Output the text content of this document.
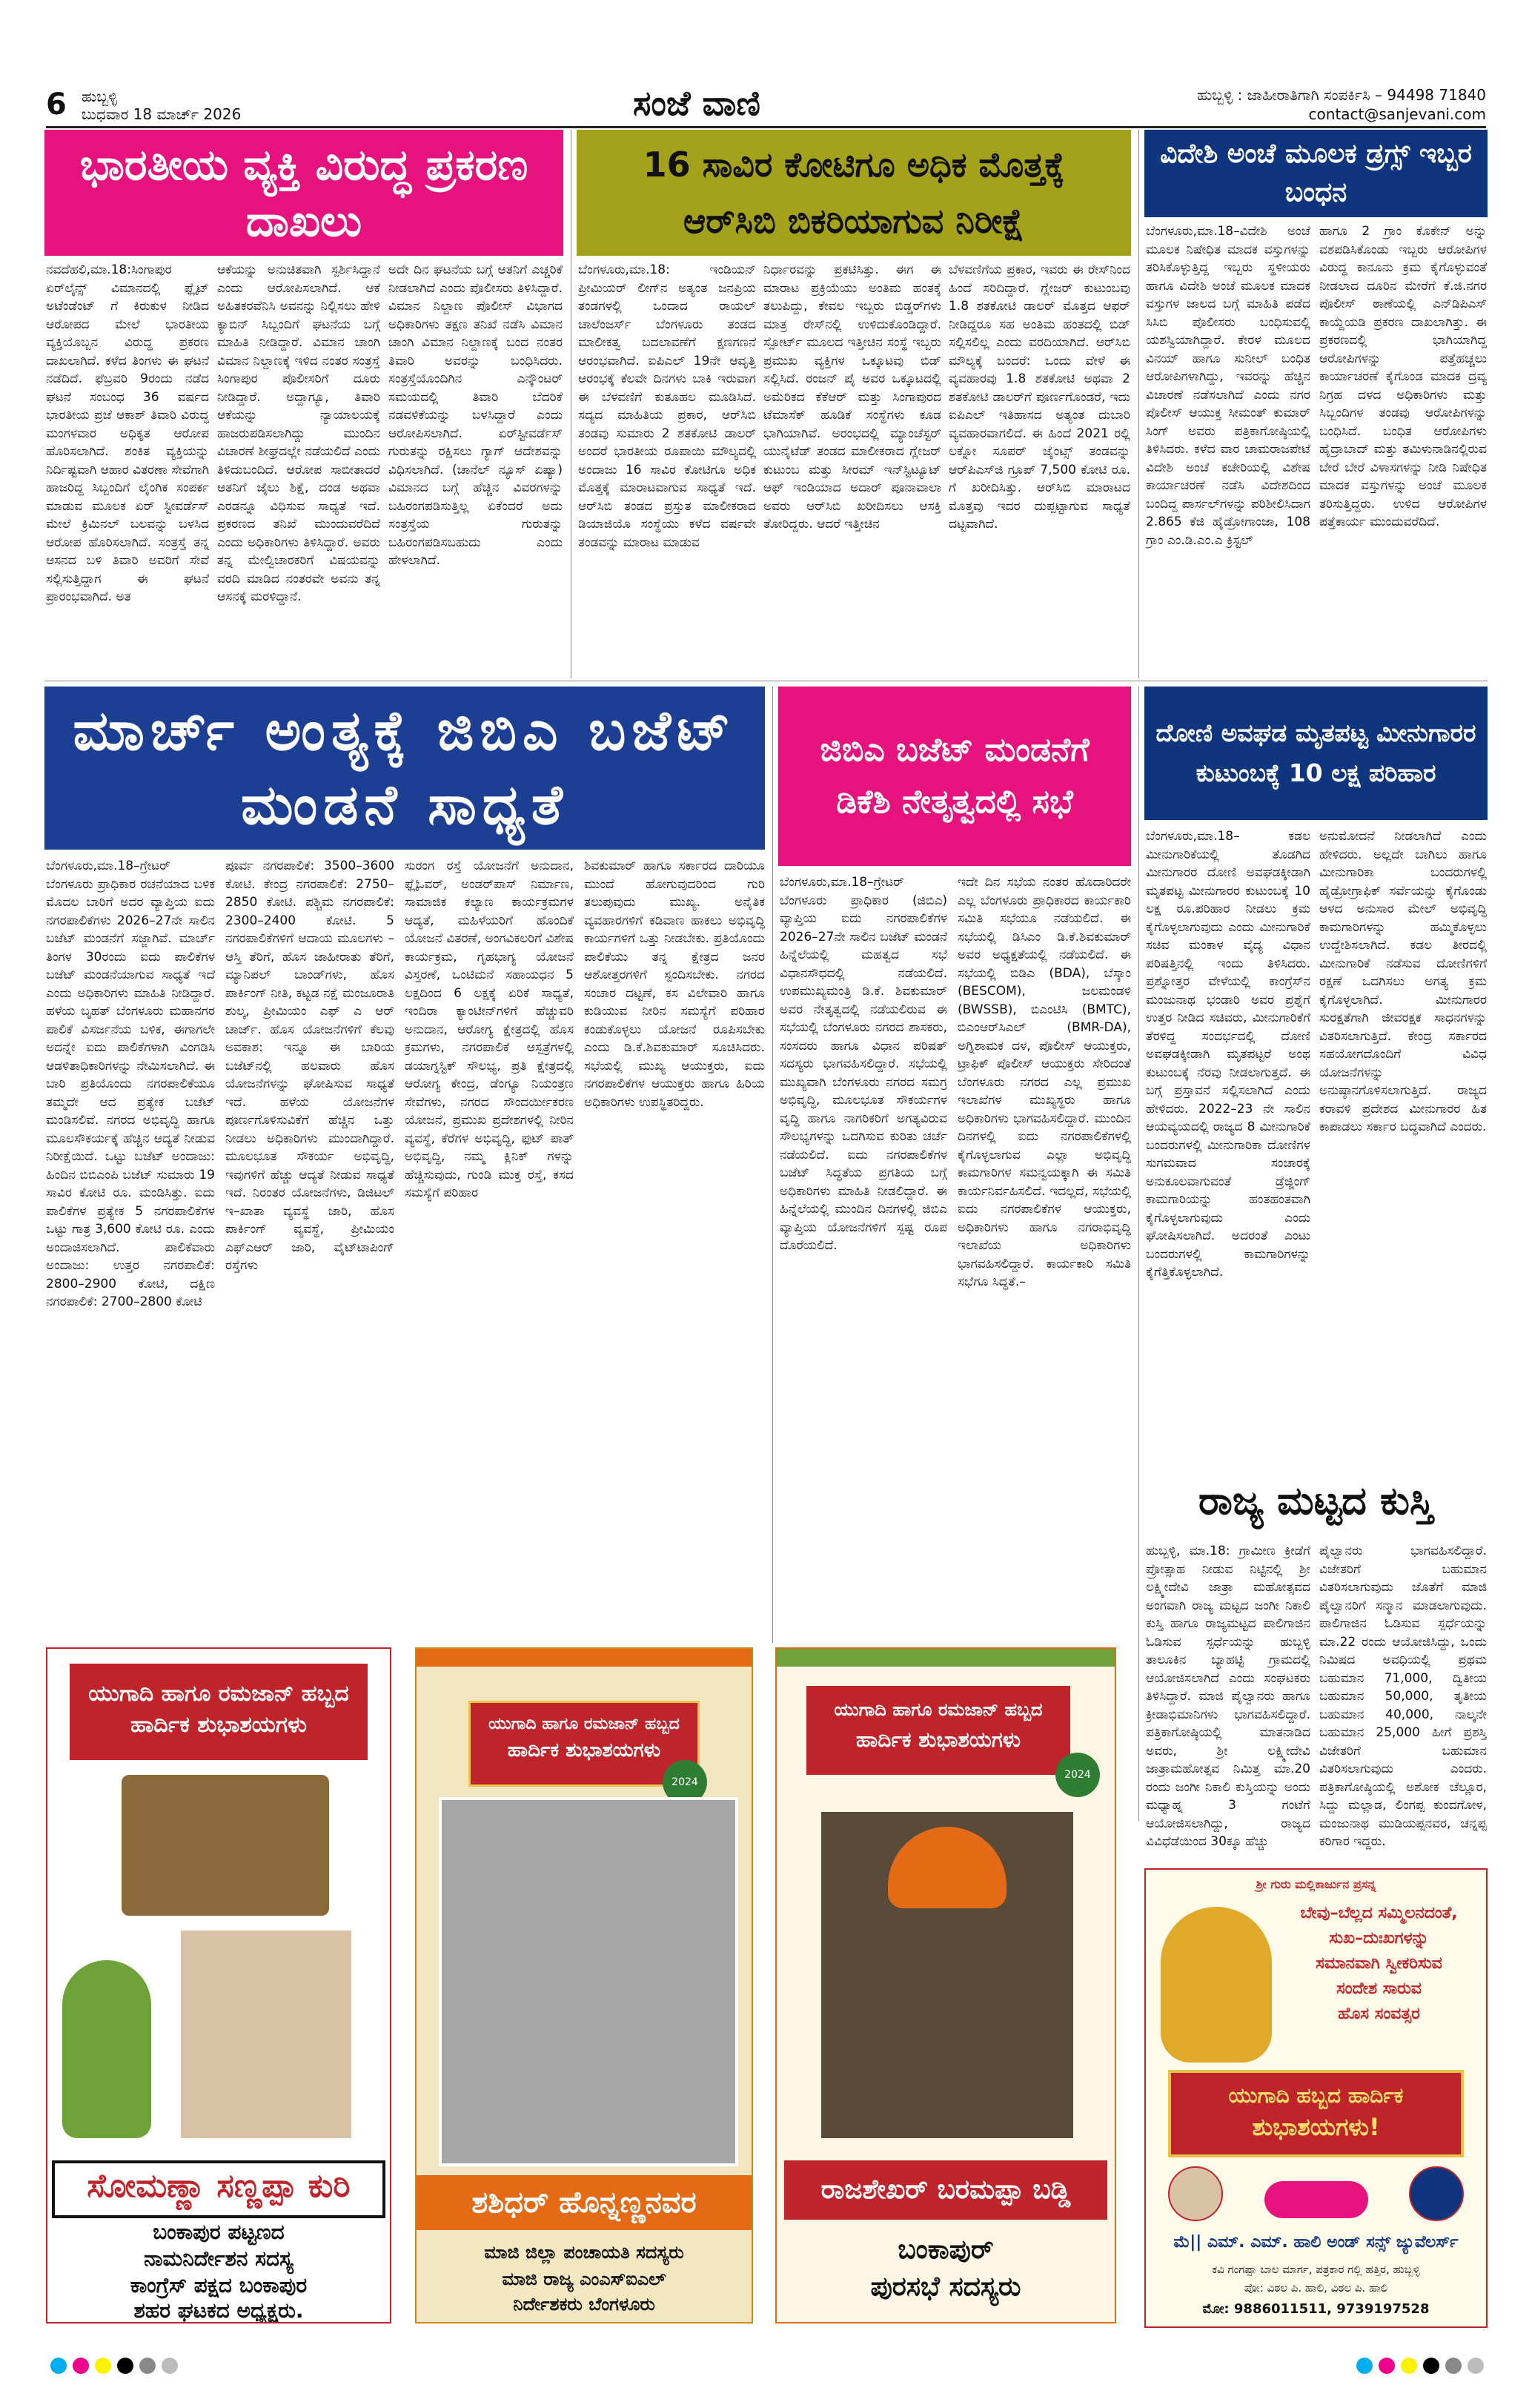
6 ಹುಬ್ಬಳ್ಳಿ
ಬುಧವಾರ 18 ಮಾರ್ಚ್ 2026	ಸಂಜೆ ವಾಣಿ	ಹುಬ್ಬಳ್ಳಿ : ಜಾಹೀರಾತಿಗಾಗಿ ಸಂಪರ್ಕಿಸಿ – 94498 71840
contact@sanjevani.com
ಭಾರತೀಯ ವ್ಯಕ್ತಿ ವಿರುದ್ಧ ಪ್ರಕರಣ ದಾಖಲು
ನವದೆಹಲಿ,ಮಾ.18:ಸಿಂಗಾಪುರ ಏರ್‌ಲೈನ್ಸ್ ವಿಮಾನದಲ್ಲಿ ಫ್ಲೈಟ್ ಅಟೆಂಡೆಂಟ್ ಗೆ ಕಿರುಕುಳ ನೀಡಿದ ಆರೋಪದ ಮೇಲೆ ಭಾರತೀಯ ವ್ಯಕ್ತಿಯೊಬ್ಬನ ವಿರುದ್ಧ ಪ್ರಕರಣ ದಾಖಲಾಗಿದೆ. ಕಳೆದ ತಿಂಗಳು ಈ ಘಟನೆ ನಡೆದಿದೆ. ಫೆಬ್ರವರಿ 9ರಂದು ನಡೆದ ಘಟನೆ ಸಂಬಂಧ 36 ವರ್ಷದ ಭಾರತೀಯ ಪ್ರಜೆ ಆಕಾಶ್ ತಿವಾರಿ ವಿರುದ್ಧ ಮಂಗಳವಾರ ಅಧಿಕೃತ ಆರೋಪ ಹೊರಿಸಲಾಗಿದೆ. ಶಂಕಿತ ವ್ಯಕ್ತಿಯನ್ನು ನಿರ್ದಿಷ್ಟವಾಗಿ ಆಹಾರ ವಿತರಣಾ ಸೇವೆಗಾಗಿ ಹಾಜರಿದ್ದ ಸಿಬ್ಬಂದಿಗೆ ಲೈಂಗಿಕ ಸಂಪರ್ಕ ಮಾಡುವ ಮೂಲಕ ಏರ್ ಸ್ಟೀವರ್ಡೆಸ್ ಮೇಲೆ ಕ್ರಿಮಿನಲ್ ಬಲವನ್ನು ಬಳಸಿದ ಆರೋಪ ಹೊರಿಸಲಾಗಿದೆ. ಸಂತ್ರಸ್ತೆ ತನ್ನ ಆಸನದ ಬಳಿ ತಿವಾರಿ ಅವರಿಗೆ ಸೇವೆ ಸಲ್ಲಿಸುತ್ತಿದ್ದಾಗ ಈ ಘಟನೆ ಪ್ರಾರಂಭವಾಗಿದೆ. ಅತ
ಆಕೆಯನ್ನು ಅನುಚಿತವಾಗಿ ಸ್ಪರ್ಶಿಸಿದ್ದಾನೆ ಎಂದು ಆರೋಪಿಸಲಾಗಿದೆ. ಆಕೆ ಅಹಿತಕರವೆನಿಸಿ ಅವನನ್ನು ನಿಲ್ಲಿಸಲು ಹೇಳಿ ಕ್ಯಾಬಿನ್ ಸಿಬ್ಬಂದಿಗೆ ಘಟನೆಯ ಬಗ್ಗೆ ಮಾಹಿತಿ ನೀಡಿದ್ದಾರೆ. ವಿಮಾನ ಚಾಂಗಿ ವಿಮಾನ ನಿಲ್ದಾಣಕ್ಕೆ ಇಳಿದ ನಂತರ ಸಂತ್ರಸ್ತೆ ಸಿಂಗಾಪುರ ಪೊಲೀಸರಿಗೆ ದೂರು ನೀಡಿದ್ದಾರೆ. ಅದ್ದಾಗ್ಯೂ, ತಿವಾರಿ ಆಕೆಯನ್ನು ನ್ಯಾಯಾಲಯಕ್ಕೆ ಹಾಜರುಪಡಿಸಲಾಗಿದ್ದು ಮುಂದಿನ ವಿಚಾರಣೆ ಶೀಘ್ರದಲ್ಲೇ ನಡೆಯಲಿದೆ ಎಂದು ತಿಳಿದುಬಂದಿದೆ. ಆರೋಪ ಸಾಬೀತಾದರೆ ಆತನಿಗೆ ಜೈಲು ಶಿಕ್ಷೆ, ದಂಡ ಅಥವಾ ಎರಡನ್ನೂ ವಿಧಿಸುವ ಸಾಧ್ಯತೆ ಇದೆ. ಪ್ರಕರಣದ ತನಿಖೆ ಮುಂದುವರೆದಿದೆ ಎಂದು ಅಧಿಕಾರಿಗಳು ತಿಳಿಸಿದ್ದಾರೆ. ಅವರು ತನ್ನ ಮೇಲ್ವಿಚಾರಕರಿಗೆ ವಿಷಯವನ್ನು ವರದಿ ಮಾಡಿದ ನಂತರವೇ ಅವನು ತನ್ನ ಆಸನಕ್ಕೆ ಮರಳಿದ್ದಾನೆ.
ಅದೇ ದಿನ ಘಟನೆಯ ಬಗ್ಗೆ ಆತನಿಗೆ ಎಚ್ಚರಿಕೆ ನೀಡಲಾಗಿದೆ ಎಂದು ಪೊಲೀಸರು ತಿಳಿಸಿದ್ದಾರೆ. ವಿಮಾನ ನಿಲ್ದಾಣ ಪೊಲೀಸ್ ವಿಭಾಗದ ಅಧಿಕಾರಿಗಳು ತಕ್ಷಣ ತನಿಖೆ ನಡೆಸಿ ವಿಮಾನ ಚಾಂಗಿ ವಿಮಾನ ನಿಲ್ದಾಣಕ್ಕೆ ಬಂದ ನಂತರ ತಿವಾರಿ ಅವರನ್ನು ಬಂಧಿಸಿದರು. ಸಂತ್ರಸ್ತೆಯೊಂದಿಗಿನ ಎನ್ಕೌಂಟರ್ ಸಮಯದಲ್ಲಿ ತಿವಾರಿ ಬೆದರಿಕೆ ನಡವಳಿಕೆಯನ್ನು ಬಳಸಿದ್ದಾರೆ ಎಂದು ಆರೋಪಿಸಲಾಗಿದೆ. ಏರ್‌ಸ್ಟೀವರ್ಡೆಸ್ ಗುರುತನ್ನು ರಕ್ಷಿಸಲು ಗ್ಯಾಗ್ ಆದೇಶವನ್ನು ವಿಧಿಸಲಾಗಿದೆ. (ಚಾನೆಲ್ ನ್ಯೂಸ್ ಏಷ್ಯಾ) ವಿಮಾನದ ಬಗ್ಗೆ ಹೆಚ್ಚಿನ ವಿವರಗಳನ್ನು ಬಹಿರಂಗಪಡಿಸುತ್ತಿಲ್ಲ ಏಕೆಂದರೆ ಅದು ಸಂತ್ರಸ್ತೆಯ ಗುರುತನ್ನು ಬಹಿರಂಗಪಡಿಸಬಹುದು ಎಂದು ಹೇಳಲಾಗಿದೆ.
16 ಸಾವಿರ ಕೋಟಿಗೂ ಅಧಿಕ ಮೊತ್ತಕ್ಕೆ ಆರ್‌ಸಿಬಿ ಬಿಕರಿಯಾಗುವ ನಿರೀಕ್ಷೆ
ಬೆಂಗಳೂರು,ಮಾ.18: ಇಂಡಿಯನ್ ಪ್ರೀಮಿಯರ್ ಲೀಗ್‌ನ ಅತ್ಯಂತ ಜನಪ್ರಿಯ ತಂಡಗಳಲ್ಲಿ ಒಂದಾದ ರಾಯಲ್ ಚಾಲೆಂಜರ್ಸ್ ಬೆಂಗಳೂರು ತಂಡದ ಮಾಲೀಕತ್ವ ಬದಲಾವಣೆಗೆ ಕ್ಷಣಗಣನೆ ಆರಂಭವಾಗಿದೆ. ಐಪಿಎಲ್ 19ನೇ ಆವೃತ್ತಿ ಆರಂಭಕ್ಕೆ ಕೆಲವೇ ದಿನಗಳು ಬಾಕಿ ಇರುವಾಗ ಈ ಬೆಳವಣಿಗೆ ಕುತೂಹಲ ಮೂಡಿಸಿದೆ. ಸದ್ಯದ ಮಾಹಿತಿಯ ಪ್ರಕಾರ, ಆರ್‌ಸಿಬಿ ತಂಡವು ಸುಮಾರು 2 ಶತಕೋಟಿ ಡಾಲರ್ ಅಂದರೆ ಭಾರತೀಯ ರೂಪಾಯಿ ಮೌಲ್ಯದಲ್ಲಿ ಅಂದಾಜು 16 ಸಾವಿರ ಕೋಟಿಗೂ ಅಧಿಕ ಮೊತ್ತಕ್ಕೆ ಮಾರಾಟವಾಗುವ ಸಾಧ್ಯತೆ ಇದೆ. ಆರ್‌ಸಿಬಿ ತಂಡದ ಪ್ರಸ್ತುತ ಮಾಲೀಕರಾದ ಡಿಯಾಜಿಯೊ ಸಂಸ್ಥೆಯು ಕಳೆದ ವರ್ಷವೇ ತಂಡವನ್ನು ಮಾರಾಟ ಮಾಡುವ
ನಿರ್ಧಾರವನ್ನು ಪ್ರಕಟಿಸಿತ್ತು. ಈಗ ಈ ಮಾರಾಟ ಪ್ರಕ್ರಿಯೆಯು ಅಂತಿಮ ಹಂತಕ್ಕೆ ತಲುಪಿದ್ದು, ಕೇವಲ ಇಬ್ಬರು ಬಿಡ್ಡರ್‌ಗಳು ಮಾತ್ರ ರೇಸ್‌ನಲ್ಲಿ ಉಳಿದುಕೊಂಡಿದ್ದಾರೆ. ಸ್ಪೋರ್ಟ್ ಮೂಲದ ಇತ್ತೀಚಿನ ಸಂಸ್ಥೆ ಇಬ್ಬರು ಪ್ರಮುಖ ವ್ಯಕ್ತಿಗಳ ಒಕ್ಕೂಟವು ಬಿಡ್ ಸಲ್ಲಿಸಿದೆ. ರಂಜನ್ ಪೈ ಅವರ ಒಕ್ಕೂಟದಲ್ಲಿ ಅಮೆರಿಕದ ಕೆಕೆಆರ್ ಮತ್ತು ಸಿಂಗಾಪುರದ ಟೆಮಾಸೆಕ್ ಹೂಡಿಕೆ ಸಂಸ್ಥೆಗಳು ಕೂಡ ಭಾಗಿಯಾಗಿವೆ. ಅರಂಭದಲ್ಲಿ ಮ್ಯಾಂಚೆಸ್ಟರ್ ಯುನೈಟೆಡ್ ತಂಡದ ಮಾಲೀಕರಾದ ಗ್ಲೇಜರ್ ಕುಟುಂಬ ಮತ್ತು ಸೀರಮ್ ಇನ್‌ಸ್ಟಿಟ್ಯೂಟ್ ಆಫ್ ಇಂಡಿಯಾದ ಅದಾರ್ ಪೂನಾವಾಲಾ ಅವರು ಆರ್‌ಸಿಬಿ ಖರೀದಿಸಲು ಆಸಕ್ತಿ ತೋರಿದ್ದರು. ಆದರೆ ಇತ್ತೀಚಿನ
ಬೆಳವಣಿಗೆಯ ಪ್ರಕಾರ, ಇವರು ಈ ರೇಸ್‌ನಿಂದ ಹಿಂದೆ ಸರಿದಿದ್ದಾರೆ. ಗ್ಲೇಜರ್ ಕುಟುಂಬವು 1.8 ಶತಕೋಟಿ ಡಾಲರ್ ಮೊತ್ತದ ಆಫರ್ ನೀಡಿದ್ದರೂ ಸಹ ಅಂತಿಮ ಹಂತದಲ್ಲಿ ಬಿಡ್ ಸಲ್ಲಿಸಲಿಲ್ಲ ಎಂದು ವರದಿಯಾಗಿದೆ. ಆರ್‌ಸಿಬಿ ಮೌಲ್ಯಕ್ಕೆ ಬಂದರೆ: ಒಂದು ವೇಳೆ ಈ ವ್ಯವಹಾರವು 1.8 ಶತಕೋಟಿ ಅಥವಾ 2 ಶತಕೋಟಿ ಡಾಲರ್‌ಗೆ ಪೂರ್ಣಗೊಂಡರೆ, ಇದು ಐಪಿಎಲ್ ಇತಿಹಾಸದ ಅತ್ಯಂತ ದುಬಾರಿ ವ್ಯವಹಾರವಾಗಲಿದೆ. ಈ ಹಿಂದೆ 2021 ರಲ್ಲಿ ಲಕ್ನೋ ಸೂಪರ್ ಜೈಂಟ್ಸ್ ತಂಡವನ್ನು ಆರ್‌ಪಿಎಸ್‌ಜಿ ಗ್ರೂಪ್ 7,500 ಕೋಟಿ ರೂ. ಗೆ ಖರೀದಿಸಿತ್ತು. ಆರ್‌ಸಿಬಿ ಮಾರಾಟದ ಮೊತ್ತವು ಇದರ ದುಪ್ಪಟ್ಟಾಗುವ ಸಾಧ್ಯತೆ ದಟ್ಟವಾಗಿದೆ.
ವಿದೇಶಿ ಅಂಚೆ ಮೂಲಕ ಡ್ರಗ್ಸ್ ಇಬ್ಬರ ಬಂಧನ
ಬೆಂಗಳೂರು,ಮಾ.18–ವಿದೇಶಿ ಅಂಚೆ ಮೂಲಕ ನಿಷೇಧಿತ ಮಾದಕ ವಸ್ತುಗಳನ್ನು ತರಿಸಿಕೊಳ್ಳುತ್ತಿದ್ದ ಇಬ್ಬರು ಸ್ಥಳೀಯರು ಹಾಗೂ ವಿದೇಶಿ ಅಂಚೆ ಮೂಲಕ ಮಾದಕ ವಸ್ತುಗಳ ಜಾಲದ ಬಗ್ಗೆ ಮಾಹಿತಿ ಪಡೆದ ಸಿಸಿಬಿ ಪೊಲೀಸರು ಬಂಧಿಸುವಲ್ಲಿ ಯಶಸ್ವಿಯಾಗಿದ್ದಾರೆ. ಕೇರಳ ಮೂಲದ ವಿನಯ್ ಹಾಗೂ ಸುನೀಲ್ ಬಂಧಿತ ಆರೋಪಿಗಳಾಗಿದ್ದು, ಇವರನ್ನು ಹೆಚ್ಚಿನ ವಿಚಾರಣೆ ನಡೆಸಲಾಗಿದೆ ಎಂದು ನಗರ ಪೊಲೀಸ್ ಆಯುಕ್ತ ಸೀಮಂತ್ ಕುಮಾರ್ ಸಿಂಗ್ ಅವರು ಪತ್ರಿಕಾಗೋಷ್ಠಿಯಲ್ಲಿ ತಿಳಿಸಿದರು. ಕಳೆದ ವಾರ ಚಾಮರಾಜಪೇಟೆ ವಿದೇಶಿ ಅಂಚೆ ಕಚೇರಿಯಲ್ಲಿ ವಿಶೇಷ ಕಾರ್ಯಾಚರಣೆ ನಡೆಸಿ ವಿದೇಶದಿಂದ ಬಂದಿದ್ದ ಪಾರ್ಸಲ್‌ಗಳನ್ನು ಪರಿಶೀಲಿಸಿದಾಗ 2.865 ಕೆಜಿ ಹೈಡ್ರೋಗಾಂಜಾ, 108 ಗ್ರಾಂ ಎಂ.ಡಿ.ಎಂ.ಎ ಕ್ರಿಸ್ಟಲ್
ಹಾಗೂ 2 ಗ್ರಾಂ ಕೊಕೇನ್ ಅನ್ನು ವಶಪಡಿಸಿಕೊಂಡು ಇಬ್ಬರು ಆರೋಪಿಗಳ ವಿರುದ್ಧ ಕಾನೂನು ಕ್ರಮ ಕೈಗೊಳ್ಳುವಂತೆ ನೀಡಲಾದ ದೂರಿನ ಮೇರೆಗೆ ಕೆ.ಜಿ.ನಗರ ಪೊಲೀಸ್ ಠಾಣೆಯಲ್ಲಿ ಎನ್‌ಡಿಪಿಎಸ್ ಕಾಯ್ದೆಯಡಿ ಪ್ರಕರಣ ದಾಖಲಾಗಿತ್ತು. ಈ ಪ್ರಕರಣದಲ್ಲಿ ಭಾಗಿಯಾಗಿದ್ದ ಆರೋಪಿಗಳನ್ನು ಪತ್ತೆಹಚ್ಚಲು ಕಾರ್ಯಾಚರಣೆ ಕೈಗೊಂಡ ಮಾದಕ ದ್ರವ್ಯ ನಿಗ್ರಹ ದಳದ ಅಧಿಕಾರಿಗಳು ಮತ್ತು ಸಿಬ್ಬಂದಿಗಳ ತಂಡವು ಆರೋಪಿಗಳನ್ನು ಬಂಧಿಸಿದೆ. ಬಂಧಿತ ಆರೋಪಿಗಳು ಹೈದ್ರಾಬಾದ್ ಮತ್ತು ತಮಿಳುನಾಡಿನಲ್ಲಿರುವ ಬೇರೆ ಬೇರೆ ವಿಳಾಸಗಳನ್ನು ನೀಡಿ ನಿಷೇಧಿತ ಮಾದಕ ವಸ್ತುಗಳನ್ನು ಅಂಚೆ ಮೂಲಕ ತರಿಸುತ್ತಿದ್ದರು. ಉಳಿದ ಆರೋಪಿಗಳ ಪತ್ತೆಕಾರ್ಯ ಮುಂದುವರೆದಿದೆ.
ಮಾರ್ಚ್ ಅಂತ್ಯಕ್ಕೆ ಜಿಬಿಎ ಬಜೆಟ್ ಮಂಡನೆ ಸಾಧ್ಯತೆ
ಬೆಂಗಳೂರು,ಮಾ.18–ಗ್ರೇಟರ್ ಬೆಂಗಳೂರು ಪ್ರಾಧಿಕಾರ ರಚನೆಯಾದ ಬಳಿಕ ಮೊದಲ ಬಾರಿಗೆ ಅದರ ವ್ಯಾಪ್ತಿಯ ಐದು ನಗರಪಾಲಿಕೆಗಳು 2026–27ನೇ ಸಾಲಿನ ಬಜೆಟ್ ಮಂಡನೆಗೆ ಸಜ್ಜಾಗಿವೆ. ಮಾರ್ಚ್ ತಿಂಗಳ 30ರಂದು ಐದು ಪಾಲಿಕೆಗಳ ಬಜೆಟ್ ಮಂಡನೆಯಾಗುವ ಸಾಧ್ಯತೆ ಇದೆ ಎಂದು ಅಧಿಕಾರಿಗಳು ಮಾಹಿತಿ ನೀಡಿದ್ದಾರೆ. ಹಳೆಯ ಬೃಹತ್ ಬೆಂಗಳೂರು ಮಹಾನಗರ ಪಾಲಿಕೆ ವಿಸರ್ಜನೆಯ ಬಳಿಕ, ಈಗಾಗಲೇ ಅದನ್ನೇ ಐದು ಪಾಲಿಕೆಗಳಾಗಿ ವಿಂಗಡಿಸಿ ಆಡಳಿತಾಧಿಕಾರಿಗಳನ್ನು ನೇಮಿಸಲಾಗಿದೆ. ಈ ಬಾರಿ ಪ್ರತಿಯೊಂದು ನಗರಪಾಲಿಕೆಯೂ ತಮ್ಮದೇ ಆದ ಪ್ರತ್ಯೇಕ ಬಜೆಟ್ ಮಂಡಿಸಲಿವೆ. ನಗರದ ಅಭಿವೃದ್ಧಿ ಹಾಗೂ ಮೂಲಸೌಕರ್ಯಕ್ಕೆ ಹೆಚ್ಚಿನ ಆದ್ಯತೆ ನೀಡುವ ನಿರೀಕ್ಷೆಯಿದೆ. ಒಟ್ಟು ಬಜೆಟ್ ಅಂದಾಜು: ಹಿಂದಿನ ಬಿಬಿಎಂಪಿ ಬಜೆಟ್ ಸುಮಾರು 19 ಸಾವಿರ ಕೋಟಿ ರೂ. ಮಂಡಿಸಿತ್ತು. ಐದು ಪಾಲಿಕೆಗಳ ಪ್ರತ್ಯೇಕ 5 ನಗರಪಾಲಿಕೆಗಳ ಒಟ್ಟು ಗಾತ್ರ 3,600 ಕೋಟಿ ರೂ. ಎಂದು ಅಂದಾಜಿಸಲಾಗಿದೆ. ಪಾಲಿಕೆವಾರು ಅಂದಾಜು: ಉತ್ತರ ನಗರಪಾಲಿಕೆ: 2800–2900 ಕೋಟಿ, ದಕ್ಷಿಣ ನಗರಪಾಲಿಕೆ: 2700–2800 ಕೋಟಿ
ಪೂರ್ವ ನಗರಪಾಲಿಕೆ: 3500–3600 ಕೋಟಿ. ಕೇಂದ್ರ ನಗರಪಾಲಿಕೆ: 2750–2850 ಕೋಟಿ. ಪಶ್ಚಿಮ ನಗರಪಾಲಿಕೆ: 2300–2400 ಕೋಟಿ. 5 ನಗರಪಾಲಿಕೆಗಳಿಗೆ ಆದಾಯ ಮೂಲಗಳು – ಆಸ್ತಿ ತೆರಿಗೆ, ಹೊಸ ಜಾಹೀರಾತು ತೆರಿಗೆ, ಮ್ಯಾನಿಪಲ್ ಬಾಂಡ್‌ಗಳು, ಹೊಸ ಪಾರ್ಕಿಂಗ್ ನೀತಿ, ಕಟ್ಟಡ ನಕ್ಷೆ ಮಂಜೂರಾತಿ ಶುಲ್ಕ, ಪ್ರೀಮಿಯಂ ಎಫ್ ಎ ಆರ್ ಚಾರ್ಜ್. ಹೊಸ ಯೋಜನೆಗಳಿಗೆ ಕೆಲವು ಅವಕಾಶ: ಇನ್ನೂ ಈ ಬಾರಿಯ ಬಜೆಟ್‌ನಲ್ಲಿ ಹಲವಾರು ಹೊಸ ಯೋಜನೆಗಳನ್ನು ಘೋಷಿಸುವ ಸಾಧ್ಯತೆ ಇದೆ. ಹಳೆಯ ಯೋಜನೆಗಳ ಪೂರ್ಣಗೊಳಿಸುವಿಕೆಗೆ ಹೆಚ್ಚಿನ ಒತ್ತು ನೀಡಲು ಅಧಿಕಾರಿಗಳು ಮುಂದಾಗಿದ್ದಾರೆ. ಮೂಲಭೂತ ಸೌಕರ್ಯ ಅಭಿವೃದ್ಧಿ, ಇವುಗಳಿಗೆ ಹೆಚ್ಚು ಆದ್ಯತೆ ನೀಡುವ ಸಾಧ್ಯತೆ ಇದೆ. ನಿರಂತರ ಯೋಜನೆಗಳು, ಡಿಜಿಟಲ್ ಇ–ಖಾತಾ ವ್ಯವಸ್ಥೆ ಜಾರಿ, ಹೊಸ ಪಾರ್ಕಿಂಗ್ ವ್ಯವಸ್ಥೆ, ಪ್ರೀಮಿಯಂ ಎಫ್‌ಎಆರ್ ಜಾರಿ, ವೈಟ್‌ಟಾಪಿಂಗ್ ರಸ್ತೆಗಳು
ಸುರಂಗ ರಸ್ತೆ ಯೋಜನೆಗೆ ಅನುದಾನ, ಫ್ಲೈಓವರ್, ಅಂಡರ್‌ಪಾಸ್ ನಿರ್ಮಾಣ, ಸಾಮಾಜಿಕ ಕಲ್ಯಾಣ ಕಾರ್ಯಕ್ರಮಗಳ ಆದ್ಯತೆ, ಮಹಿಳೆಯರಿಗೆ ಹೊಂದಿಕೆ ಯೋಜನೆ ವಿತರಣೆ, ಅಂಗವಿಕಲರಿಗೆ ವಿಶೇಷ ಕಾರ್ಯಕ್ರಮ, ಗೃಹಭಾಗ್ಯ ಯೋಜನೆ ವಿಸ್ತರಣೆ, ಒಂಟಿಮನೆ ಸಹಾಯಧನ 5 ಲಕ್ಷದಿಂದ 6 ಲಕ್ಷಕ್ಕೆ ಏರಿಕೆ ಸಾಧ್ಯತೆ, ಇಂದಿರಾ ಕ್ಯಾಂಟೀನ್‌ಗಳಿಗೆ ಹೆಚ್ಚುವರಿ ಅನುದಾನ, ಆರೋಗ್ಯ ಕ್ಷೇತ್ರದಲ್ಲಿ ಹೊಸ ಕ್ರಮಗಳು, ನಗರಪಾಲಿಕೆ ಆಸ್ಪತ್ರೆಗಳಲ್ಲಿ ಡಯಾಗ್ನಸ್ಟಿಕ್ ಸೌಲಭ್ಯ, ಪ್ರತಿ ಕ್ಷೇತ್ರದಲ್ಲಿ ಆರೋಗ್ಯ ಕೇಂದ್ರ, ಡೆಂಗ್ಯೂ ನಿಯಂತ್ರಣ ಸೇವೆಗಳು, ನಗರದ ಸೌಂದರ್ಯೀಕರಣ ಯೋಜನೆ, ಪ್ರಮುಖ ಪ್ರದೇಶಗಳಲ್ಲಿ ನೀರಿನ ವ್ಯವಸ್ಥೆ, ಕೆರೆಗಳ ಅಭಿವೃದ್ಧಿ, ಫುಟ್ ಪಾತ್ ಅಭಿವೃದ್ಧಿ, ನಮ್ಮ ಕ್ಲಿನಿಕ್ ಗಳನ್ನು ಹೆಚ್ಚಿಸುವುದು, ಗುಂಡಿ ಮುಕ್ತ ರಸ್ತೆ, ಕಸದ ಸಮಸ್ಯೆಗೆ ಪರಿಹಾರ
ಶಿವಕುಮಾರ್ ಹಾಗೂ ಸರ್ಕಾರದ ದಾರಿಯೂ ಮುಂದೆ ಹೋಗುವುದರಿಂದ ಗುರಿ ತಲುಪುವುದು ಮುಖ್ಯ. ಅನೈತಿಕ ವ್ಯವಹಾರಗಳಿಗೆ ಕಡಿವಾಣ ಹಾಕಲು ಅಭಿವೃದ್ಧಿ ಕಾರ್ಯಗಳಿಗೆ ಒತ್ತು ನೀಡಬೇಕು. ಪ್ರತಿಯೊಂದು ಪಾಲಿಕೆಯು ತನ್ನ ಕ್ಷೇತ್ರದ ಜನರ ಆಶೋತ್ತರಗಳಿಗೆ ಸ್ಪಂದಿಸಬೇಕು. ನಗರದ ಸಂಚಾರ ದಟ್ಟಣೆ, ಕಸ ವಿಲೇವಾರಿ ಹಾಗೂ ಕುಡಿಯುವ ನೀರಿನ ಸಮಸ್ಯೆಗೆ ಪರಿಹಾರ ಕಂಡುಕೊಳ್ಳಲು ಯೋಜನೆ ರೂಪಿಸಬೇಕು ಎಂದು ಡಿ.ಕೆ.ಶಿವಕುಮಾರ್ ಸೂಚಿಸಿದರು. ಸಭೆಯಲ್ಲಿ ಮುಖ್ಯ ಆಯುಕ್ತರು, ಐದು ನಗರಪಾಲಿಕೆಗಳ ಆಯುಕ್ತರು ಹಾಗೂ ಹಿರಿಯ ಅಧಿಕಾರಿಗಳು ಉಪಸ್ಥಿತರಿದ್ದರು.
ಜಿಬಿಎ ಬಜೆಟ್ ಮಂಡನೆಗೆ ಡಿಕೆಶಿ ನೇತೃತ್ವದಲ್ಲಿ ಸಭೆ
ಬೆಂಗಳೂರು,ಮಾ.18–ಗ್ರೇಟರ್ ಬೆಂಗಳೂರು ಪ್ರಾಧಿಕಾರ (ಜಿಬಿಎ) ವ್ಯಾಪ್ತಿಯ ಐದು ನಗರಪಾಲಿಕೆಗಳ 2026–27ನೇ ಸಾಲಿನ ಬಜೆಟ್ ಮಂಡನೆ ಹಿನ್ನೆಲೆಯಲ್ಲಿ ಮಹತ್ವದ ಸಭೆ ವಿಧಾನಸೌಧದಲ್ಲಿ ನಡೆಯಲಿದೆ. ಉಪಮುಖ್ಯಮಂತ್ರಿ ಡಿ.ಕೆ. ಶಿವಕುಮಾರ್ ಅವರ ನೇತೃತ್ವದಲ್ಲಿ ನಡೆಯಲಿರುವ ಈ ಸಭೆಯಲ್ಲಿ ಬೆಂಗಳೂರು ನಗರದ ಶಾಸಕರು, ಸಂಸದರು ಹಾಗೂ ವಿಧಾನ ಪರಿಷತ್ ಸದಸ್ಯರು ಭಾಗವಹಿಸಲಿದ್ದಾರೆ. ಸಭೆಯಲ್ಲಿ ಮುಖ್ಯವಾಗಿ ಬೆಂಗಳೂರು ನಗರದ ಸಮಗ್ರ ಅಭಿವೃದ್ಧಿ, ಮೂಲಭೂತ ಸೌಕರ್ಯಗಳ ವೃದ್ಧಿ ಹಾಗೂ ನಾಗರಿಕರಿಗೆ ಅಗತ್ಯವಿರುವ ಸೌಲಭ್ಯಗಳನ್ನು ಒದಗಿಸುವ ಕುರಿತು ಚರ್ಚೆ ನಡೆಯಲಿದೆ. ಐದು ನಗರಪಾಲಿಕೆಗಳ ಬಜೆಟ್ ಸಿದ್ಧತೆಯ ಪ್ರಗತಿಯ ಬಗ್ಗೆ ಅಧಿಕಾರಿಗಳು ಮಾಹಿತಿ ನೀಡಲಿದ್ದಾರೆ. ಈ ಹಿನ್ನೆಲೆಯಲ್ಲಿ ಮುಂದಿನ ದಿನಗಳಲ್ಲಿ ಜಿಬಿಎ ವ್ಯಾಪ್ತಿಯ ಯೋಜನೆಗಳಿಗೆ ಸ್ಪಷ್ಟ ರೂಪ ದೊರೆಯಲಿದೆ.
ಇದೇ ದಿನ ಸಭೆಯ ನಂತರ ಹೊದಾರಿದರೇ ಎಲ್ಲ ಬೆಂಗಳೂರು ಪ್ರಾಧಿಕಾರದ ಕಾರ್ಯಕಾರಿ ಸಮಿತಿ ಸಭೆಯೂ ನಡೆಯಲಿದೆ. ಈ ಸಭೆಯಲ್ಲಿ ಡಿಸಿಎಂ ಡಿ.ಕೆ.ಶಿವಕುಮಾರ್ ಅವರ ಅಧ್ಯಕ್ಷತೆಯಲ್ಲಿ ನಡೆಯಲಿದೆ. ಈ ಸಭೆಯಲ್ಲಿ ಬಿಡಿಎ (BDA), ಬೆಸ್ಕಾಂ (BESCOM), ಜಲಮಂಡಳಿ (BWSSB), ಬಿಎಂಟಿಸಿ (BMTC), ಬಿಎಂಆರ್‌ಸಿಎಲ್ (BMR-DA), ಅಗ್ನಿಶಾಮಕ ದಳ, ಪೊಲೀಸ್ ಆಯುಕ್ತರು, ಟ್ರಾಫಿಕ್ ಪೊಲೀಸ್ ಆಯುಕ್ತರು ಸೇರಿದಂತೆ ಬೆಂಗಳೂರು ನಗರದ ಎಲ್ಲ ಪ್ರಮುಖ ಇಲಾಖೆಗಳ ಮುಖ್ಯಸ್ಥರು ಹಾಗೂ ಅಧಿಕಾರಿಗಳು ಭಾಗವಹಿಸಲಿದ್ದಾರೆ. ಮುಂದಿನ ದಿನಗಳಲ್ಲಿ ಐದು ನಗರಪಾಲಿಕೆಗಳಲ್ಲಿ ಕೈಗೊಳ್ಳಲಾಗುವ ಎಲ್ಲಾ ಅಭಿವೃದ್ಧಿ ಕಾಮಗಾರಿಗಳ ಸಮನ್ವಯಕ್ಕಾಗಿ ಈ ಸಮಿತಿ ಕಾರ್ಯನಿರ್ವಹಿಸಲಿದೆ. ಇದಲ್ಲದೆ, ಸಭೆಯಲ್ಲಿ ಐದು ನಗರಪಾಲಿಕೆಗಳ ಆಯುಕ್ತರು, ಅಧಿಕಾರಿಗಳು ಹಾಗೂ ನಗರಾಭಿವೃದ್ಧಿ ಇಲಾಖೆಯ ಅಧಿಕಾರಿಗಳು ಭಾಗವಹಿಸಲಿದ್ದಾರೆ. ಕಾರ್ಯಕಾರಿ ಸಮಿತಿ ಸಭೆಗೂ ಸಿದ್ಧತೆ.–
ದೋಣಿ ಅವಘಡ ಮೃತಪಟ್ಟ ಮೀನುಗಾರರ ಕುಟುಂಬಕ್ಕೆ 10 ಲಕ್ಷ ಪರಿಹಾರ
ಬೆಂಗಳೂರು,ಮಾ.18– ಕಡಲ ಮೀನುಗಾರಿಕೆಯಲ್ಲಿ ತೊಡಗಿದ ಮೀನುಗಾರರ ದೋಣಿ ಅವಘಡಕ್ಕೀಡಾಗಿ ಮೃತಪಟ್ಟ ಮೀನುಗಾರರ ಕುಟುಂಬಕ್ಕೆ 10 ಲಕ್ಷ ರೂ.ಪರಿಹಾರ ನೀಡಲು ಕ್ರಮ ಕೈಗೊಳ್ಳಲಾಗುವುದು ಎಂದು ಮೀನುಗಾರಿಕೆ ಸಚಿವ ಮಂಕಾಳ ವೈದ್ಯ ವಿಧಾನ ಪರಿಷತ್ತಿನಲ್ಲಿ ಇಂದು ತಿಳಿಸಿದರು. ಪ್ರಶ್ನೋತ್ತರ ವೇಳೆಯಲ್ಲಿ ಕಾಂಗ್ರೆಸ್‌ನ ಮಂಜುನಾಥ ಭಂಡಾರಿ ಅವರ ಪ್ರಶ್ನೆಗೆ ಉತ್ತರ ನೀಡಿದ ಸಚಿವರು, ಮೀನುಗಾರಿಕೆಗೆ ತೆರಳಿದ್ದ ಸಂದರ್ಭದಲ್ಲಿ ದೋಣಿ ಅವಘಡಕ್ಕೀಡಾಗಿ ಮೃತಪಟ್ಟರೆ ಅಂಥ ಕುಟುಂಬಕ್ಕೆ ನೆರವು ನೀಡಲಾಗುತ್ತದೆ. ಈ ಬಗ್ಗೆ ಪ್ರಸ್ತಾವನೆ ಸಲ್ಲಿಸಲಾಗಿದೆ ಎಂದು ಹೇಳಿದರು. 2022–23 ನೇ ಸಾಲಿನ ಆಯವ್ಯಯದಲ್ಲಿ ರಾಜ್ಯದ 8 ಮೀನುಗಾರಿಕೆ ಬಂದರುಗಳಲ್ಲಿ ಮೀನುಗಾರಿಕಾ ದೋಣಿಗಳ ಸುಗಮವಾದ ಸಂಚಾರಕ್ಕೆ ಅನುಕೂಲವಾಗುವಂತೆ ಡ್ರೆಜ್ಜಿಂಗ್ ಕಾಮಗಾರಿಯನ್ನು ಹಂತಹಂತವಾಗಿ ಕೈಗೊಳ್ಳಲಾಗುವುದು ಎಂದು ಘೋಷಿಸಲಾಗಿದೆ. ಅದರಂತೆ ಎಂಟು ಬಂದರುಗಳಲ್ಲಿ ಕಾಮಗಾರಿಗಳನ್ನು ಕೈಗೆತ್ತಿಕೊಳ್ಳಲಾಗಿದೆ.
ಅನುಮೋದನೆ ನೀಡಲಾಗಿದೆ ಎಂದು ಹೇಳಿದರು. ಅಲ್ಲದೇ ಬಾಗಿಲು ಹಾಗೂ ಮೀನುಗಾರಿಕಾ ಬಂದರುಗಳಲ್ಲಿ ಹೈಡ್ರೋಗ್ರಾಫಿಕ್ ಸರ್ವೆಯನ್ನು ಕೈಗೊಂಡು ಆಳದ ಅನುಸಾರ ಮೇಲ್ ಅಭಿವೃದ್ಧಿ ಕಾಮಗಾರಿಗಳನ್ನು ಹಮ್ಮಿಕೊಳ್ಳಲು ಉದ್ದೇಶಿಸಲಾಗಿದೆ. ಕಡಲ ತೀರದಲ್ಲಿ ಮೀನುಗಾರಿಕೆ ನಡೆಸುವ ದೋಣಿಗಳಿಗೆ ರಕ್ಷಣೆ ಒದಗಿಸಲು ಅಗತ್ಯ ಕ್ರಮ ಕೈಗೊಳ್ಳಲಾಗಿದೆ. ಮೀನುಗಾರರ ಸುರಕ್ಷತೆಗಾಗಿ ಜೀವರಕ್ಷಕ ಸಾಧನಗಳನ್ನು ವಿತರಿಸಲಾಗುತ್ತಿದೆ. ಕೇಂದ್ರ ಸರ್ಕಾರದ ಸಹಯೋಗದೊಂದಿಗೆ ವಿವಿಧ ಯೋಜನೆಗಳನ್ನು ಅನುಷ್ಠಾನಗೊಳಿಸಲಾಗುತ್ತಿದೆ. ರಾಜ್ಯದ ಕರಾವಳಿ ಪ್ರದೇಶದ ಮೀನುಗಾರರ ಹಿತ ಕಾಪಾಡಲು ಸರ್ಕಾರ ಬದ್ಧವಾಗಿದೆ ಎಂದರು.
ರಾಜ್ಯ ಮಟ್ಟದ ಕುಸ್ತಿ
ಹುಬ್ಬಳ್ಳಿ, ಮಾ.18: ಗ್ರಾಮೀಣ ಕ್ರೀಡೆಗೆ ಪ್ರೋತ್ಸಾಹ ನೀಡುವ ನಿಟ್ಟಿನಲ್ಲಿ ಶ್ರೀ ಲಕ್ಷ್ಮೀದೇವಿ ಜಾತ್ರಾ ಮಹೋತ್ಸವದ ಅಂಗವಾಗಿ ರಾಜ್ಯ ಮಟ್ಟದ ಜಂಗೀ ನಿಕಾಲಿ ಕುಸ್ತಿ ಹಾಗೂ ರಾಜ್ಯಮಟ್ಟದ ಪಾಲಿಗಾಜಿನ ಓಡಿಸುವ ಸ್ಪರ್ಧೆಯನ್ನು ಹುಬ್ಬಳ್ಳಿ ತಾಲೂಕಿನ ಬ್ಯಾಹಟ್ಟಿ ಗ್ರಾಮದಲ್ಲಿ ಆಯೋಜಿಸಲಾಗಿದೆ ಎಂದು ಸಂಘಟಕರು ತಿಳಿಸಿದ್ದಾರೆ. ಮಾಜಿ ಪೈಲ್ವಾನರು ಹಾಗೂ ಕ್ರೀಡಾಭಿಮಾನಿಗಳು ಭಾಗವಹಿಸಲಿದ್ದಾರೆ. ಪತ್ರಿಕಾಗೋಷ್ಠಿಯಲ್ಲಿ ಮಾತನಾಡಿದ ಅವರು, ಶ್ರೀ ಲಕ್ಷ್ಮೀದೇವಿ ಜಾತ್ರಾಮಹೋತ್ಸವ ನಿಮಿತ್ತ ಮಾ.20 ರಂದು ಜಂಗೀ ನಿಕಾಲಿ ಕುಸ್ತಿಯನ್ನು ಅಂದು ಮಧ್ಯಾಹ್ನ 3 ಗಂಟೆಗೆ ಆಯೋಜಿಸಲಾಗಿದ್ದು, ರಾಜ್ಯದ ವಿವಿಧೆಡೆಯಿಂದ 30ಕ್ಕೂ ಹೆಚ್ಚು
ಪೈಲ್ವಾನರು ಭಾಗವಹಿಸಲಿದ್ದಾರೆ. ವಿಜೇತರಿಗೆ ಬಹುಮಾನ ವಿತರಿಸಲಾಗುವುದು ಜೊತೆಗೆ ಮಾಜಿ ಪೈಲ್ವಾನರಿಗೆ ಸನ್ಮಾನ ಮಾಡಲಾಗುವುದು. ಪಾಲಿಗಾಜಿನ ಓಡಿಸುವ ಸ್ಪರ್ಧೆಯನ್ನು ಮಾ.22 ರಂದು ಆಯೋಜಿಸಿದ್ದು, ಒಂದು ನಿಮಿಷದ ಅವಧಿಯಲ್ಲಿ ಪ್ರಥಮ ಬಹುಮಾನ 71,000, ದ್ವಿತೀಯ ಬಹುಮಾನ 50,000, ತೃತೀಯ ಬಹುಮಾನ 40,000, ನಾಲ್ಕನೇ ಬಹುಮಾನ 25,000 ಹೀಗೆ ಪ್ರಶಸ್ತಿ ವಿಜೇತರಿಗೆ ಬಹುಮಾನ ವಿತರಿಸಲಾಗುವುದು ಎಂದರು. ಪತ್ರಿಕಾಗೋಷ್ಠಿಯಲ್ಲಿ ಅಶೋಕ ಚೆಲ್ಲೂರ, ಸಿದ್ದು ಮಲ್ಲಾಡ, ಲಿಂಗಪ್ಪ ಕುಂದಗೋಳ, ಮಂಜುನಾಥ ಮುಡಿಯಪ್ಪನವರ, ಚನ್ನಪ್ಪ ಕರಿಗಾರ ಇದ್ದರು.
ಯುಗಾದಿ ಹಾಗೂ ರಮಜಾನ್ ಹಬ್ಬದ ಹಾರ್ದಿಕ ಶುಭಾಶಯಗಳು
ಸೋಮಣ್ಣಾ ಸಣ್ಣಪ್ಪಾ ಕುರಿ
ಬಂಕಾಪುರ ಪಟ್ಟಣದ
ನಾಮನಿರ್ದೇಶನ ಸದಸ್ಯ
ಕಾಂಗ್ರೆಸ್ ಪಕ್ಷದ ಬಂಕಾಪುರ
ಶಹರ ಘಟಕದ ಅಧ್ಯಕ್ಷರು.
ಯುಗಾದಿ ಹಾಗೂ ರಮಜಾನ್ ಹಬ್ಬದ
ಹಾರ್ದಿಕ ಶುಭಾಶಯಗಳು
2024
ಶಶಿಧರ್ ಹೊನ್ನಣ್ಣನವರ
ಮಾಜಿ ಜಿಲ್ಲಾ ಪಂಚಾಯತಿ ಸದಸ್ಯರು
ಮಾಜಿ ರಾಜ್ಯ ಎಂಎಸ್‌ಐಎಲ್
ನಿರ್ದೇಶಕರು ಬೆಂಗಳೂರು
ಯುಗಾದಿ ಹಾಗೂ ರಮಜಾನ್ ಹಬ್ಬದ
ಹಾರ್ದಿಕ ಶುಭಾಶಯಗಳು
2024
ರಾಜಶೇಖರ್ ಬರಮಪ್ಪಾ ಬಡ್ಡಿ
ಬಂಕಾಪುರ್
ಪುರಸಭೆ ಸದಸ್ಯರು
ಶ್ರೀ ಗುರು ಮಲ್ಲಿಕಾರ್ಜುನ ಪ್ರಸನ್ನ
ಬೇವು–ಬೆಲ್ಲದ ಸಮ್ಮಿಲನದಂತೆ,
ಸುಖ–ದುಃಖಗಳನ್ನು
ಸಮಾನವಾಗಿ ಸ್ವೀಕರಿಸುವ
ಸಂದೇಶ ಸಾರುವ
ಹೊಸ ಸಂವತ್ಸರ
ಯುಗಾದಿ ಹಬ್ಬದ ಹಾರ್ದಿಕ
ಶುಭಾಶಯಗಳು!
ಮೆ|| ಎಮ್. ಎಮ್. ಹಾಲಿ ಅಂಡ್ ಸನ್ಸ್ ಜ್ಯುವೆಲರ್ಸ್
ಕವಿ ಗಂಗಪ್ಪಾ ಬಾಲ ಮಾರ್ಗ, ಪತ್ರಕಾರ ಗಲ್ಲಿ ಹತ್ತಿರ, ಹುಬ್ಬಳ್ಳಿ
ಪೋ: ವಿಠಲ ಪಿ. ಹಾಲಿ, ವಿಠಲ ಪಿ. ಹಾಲಿ
ಮೋ: 9886011511, 9739197528
